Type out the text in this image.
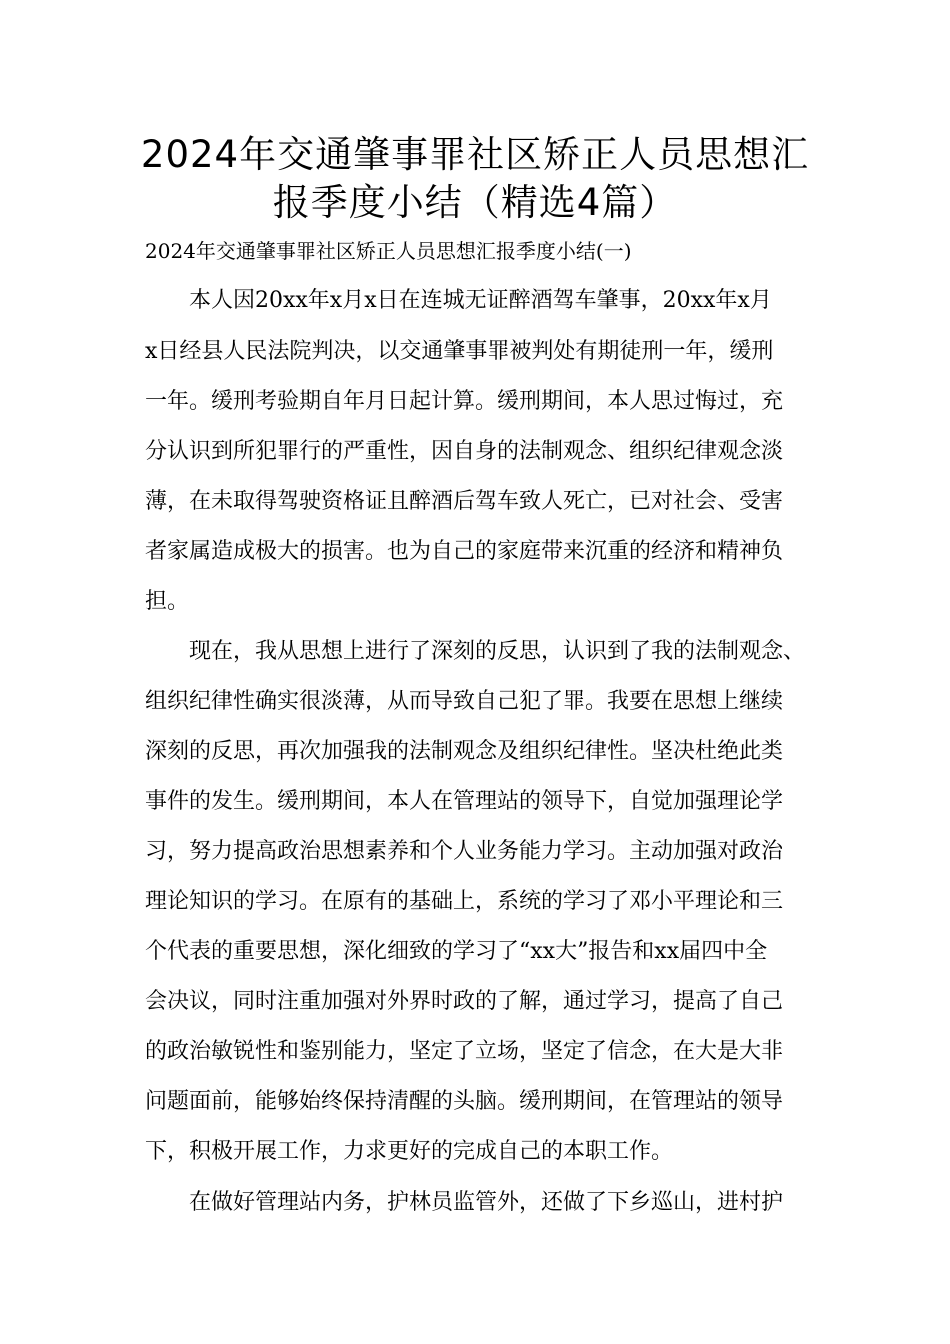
2024年交通肇事罪社区矫正人员思想汇
报季度小结（精选4篇）
2024年交通肇事罪社区矫正人员思想汇报季度小结(一)
本人因20xx年x月x日在连城无证醉酒驾车肇事，20xx年x月
x日经县人民法院判决，以交通肇事罪被判处有期徒刑一年，缓刑
一年。缓刑考验期自年月日起计算。缓刑期间，本人思过悔过，充
分认识到所犯罪行的严重性，因自身的法制观念、组织纪律观念淡
薄，在未取得驾驶资格证且醉酒后驾车致人死亡，已对社会、受害
者家属造成极大的损害。也为自己的家庭带来沉重的经济和精神负
担。
现在，我从思想上进行了深刻的反思，认识到了我的法制观念、
组织纪律性确实很淡薄，从而导致自己犯了罪。我要在思想上继续
深刻的反思，再次加强我的法制观念及组织纪律性。坚决杜绝此类
事件的发生。缓刑期间，本人在管理站的领导下，自觉加强理论学
习，努力提高政治思想素养和个人业务能力学习。主动加强对政治
理论知识的学习。在原有的基础上，系统的学习了邓小平理论和三
个代表的重要思想，深化细致的学习了“xx大”报告和xx届四中全
会决议，同时注重加强对外界时政的了解，通过学习，提高了自己
的政治敏锐性和鉴别能力，坚定了立场，坚定了信念，在大是大非
问题面前，能够始终保持清醒的头脑。缓刑期间，在管理站的领导
下，积极开展工作，力求更好的完成自己的本职工作。
在做好管理站内务，护林员监管外，还做了下乡巡山，进村护
